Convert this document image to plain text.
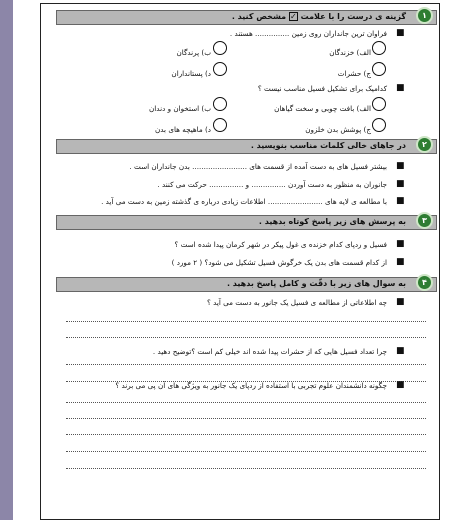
گزینه ی درست را با علامت ✓ مشخص کنید .	۱
■
فراوان ترین جانداران روی زمین ............... هستند .
الف) خزندگان
ب) پرندگان
ج) حشرات
د) پستانداران
■
کدامیک برای تشکیل فسیل مناسب نیست ؟
الف) بافت چوبی و سخت گیاهان
ب) استخوان و دندان
ج) پوشش بدن خلزون
د) ماهیچه های بدن
در جاهای خالی کلمات مناسب بنویسید .	۲
■
بیشتر فسیل های به دست آمده از قسمت های ........................ بدن جانداران است .
■
جانوران به منظور به دست آوردن ............... و ............... حرکت می کنند .
■
با مطالعه ی لایه های ........................ اطلاعات زیادی درباره ی گذشته زمین به دست می آید .
به پرسش های زیر پاسخ کوتاه بدهید .	۳
■
فسیل و ردپای کدام خزنده ی غول پیکر در شهر کرمان پیدا شده است ؟
■
از کدام قسمت های بدن یک خرگوش فسیل تشکیل می شود؟ ( ۲ مورد )
به سوال های زیر با دقّت و کامل پاسخ بدهید .	۴
■
چه اطلاعاتی از مطالعه ی فسیل یک جانور به دست می آید ؟
■
چرا تعداد فسیل هایی که از حشرات پیدا شده اند خیلی کم است ؟توضیح دهید .
■
چگونه دانشمندان علوم تجربی با استفاده از ردپای یک جانور به ویژگی های آن پی می برند ؟
